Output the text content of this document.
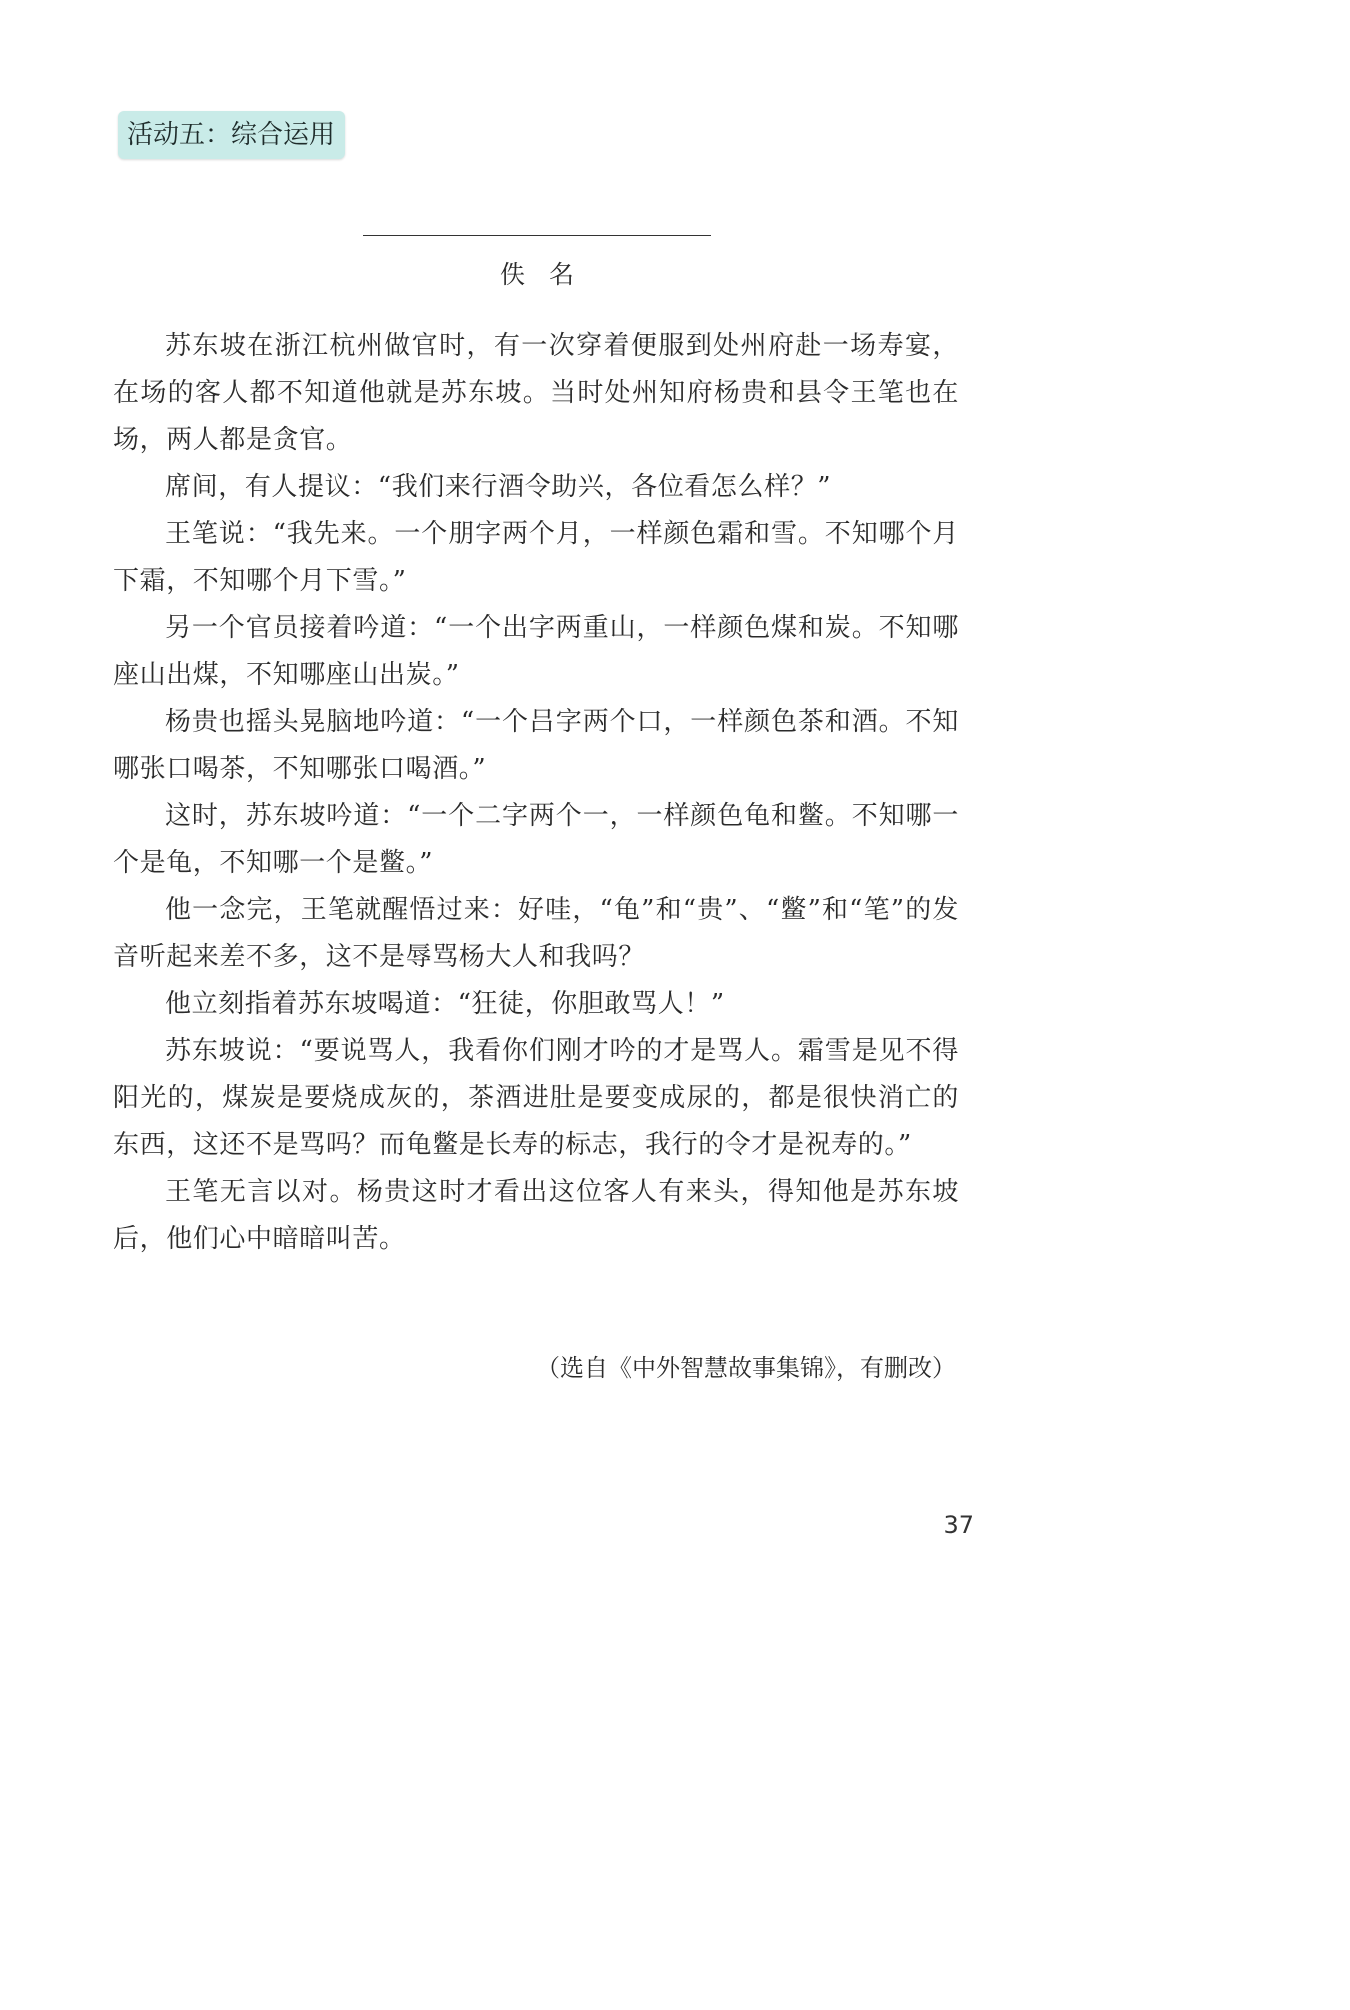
活动五：综合运用
佚名

苏东坡在浙江杭州做官时，有一次穿着便服到处州府赴一场寿宴，在场的客人都不知道他就是苏东坡。当时处州知府杨贵和县令王笔也在场，两人都是贪官。

席间，有人提议：“我们来行酒令助兴，各位看怎么样？”

王笔说：“我先来。一个朋字两个月，一样颜色霜和雪。不知哪个月下霜，不知哪个月下雪。”

另一个官员接着吟道：“一个出字两重山，一样颜色煤和炭。不知哪座山出煤，不知哪座山出炭。”

杨贵也摇头晃脑地吟道：“一个吕字两个口，一样颜色茶和酒。不知哪张口喝茶，不知哪张口喝酒。”

这时，苏东坡吟道：“一个二字两个一，一样颜色龟和鳖。不知哪一个是龟，不知哪一个是鳖。”

他一念完，王笔就醒悟过来：好哇，“龟”和“贵”、“鳖”和“笔”的发音听起来差不多，这不是辱骂杨大人和我吗？

他立刻指着苏东坡喝道：“狂徒，你胆敢骂人！”

苏东坡说：“要说骂人，我看你们刚才吟的才是骂人。霜雪是见不得阳光的，煤炭是要烧成灰的，茶酒进肚是要变成尿的，都是很快消亡的东西，这还不是骂吗？而龟鳖是长寿的标志，我行的令才是祝寿的。”

王笔无言以对。杨贵这时才看出这位客人有来头，得知他是苏东坡后，他们心中暗暗叫苦。

（选自《中外智慧故事集锦》，有删改）
37
